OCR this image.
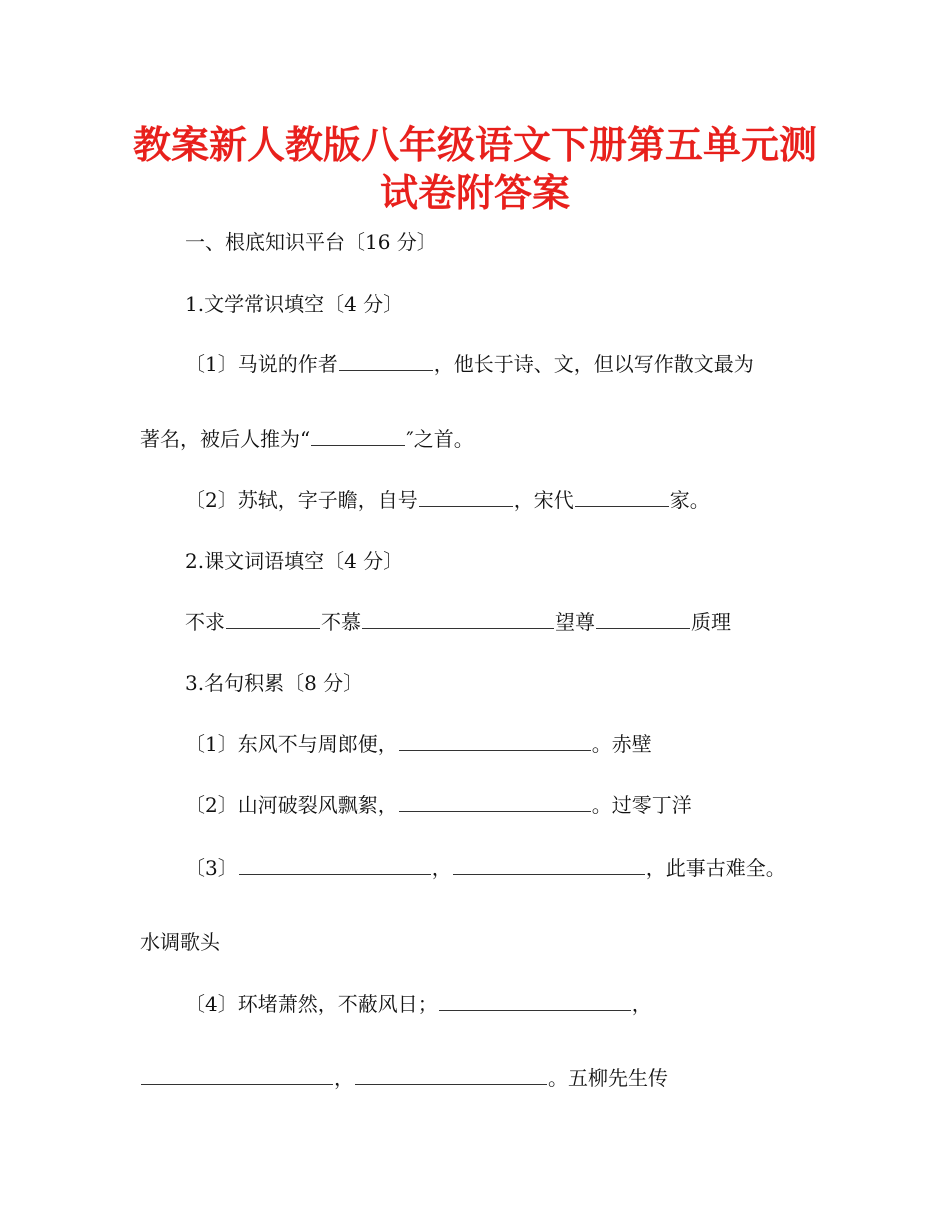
教案新人教版八年级语文下册第五单元测
试卷附答案
一、根底知识平台〔16 分〕
1.文学常识填空〔4 分〕
〔1〕马说的作者	，他长于诗、文，但以写作散文最为
著名，被后人推为“	″之首。
〔2〕苏轼，字子瞻，自号	，宋代	家。
2.课文词语填空〔4 分〕
不求	不慕	望尊	质理
3.名句积累〔8 分〕
〔1〕东风不与周郎便，	。赤壁
〔2〕山河破裂风飘絮，	。过零丁洋
〔3〕	，	，此事古难全。
水调歌头
〔4〕环堵萧然，不蔽风日；	，
，	。五柳先生传
